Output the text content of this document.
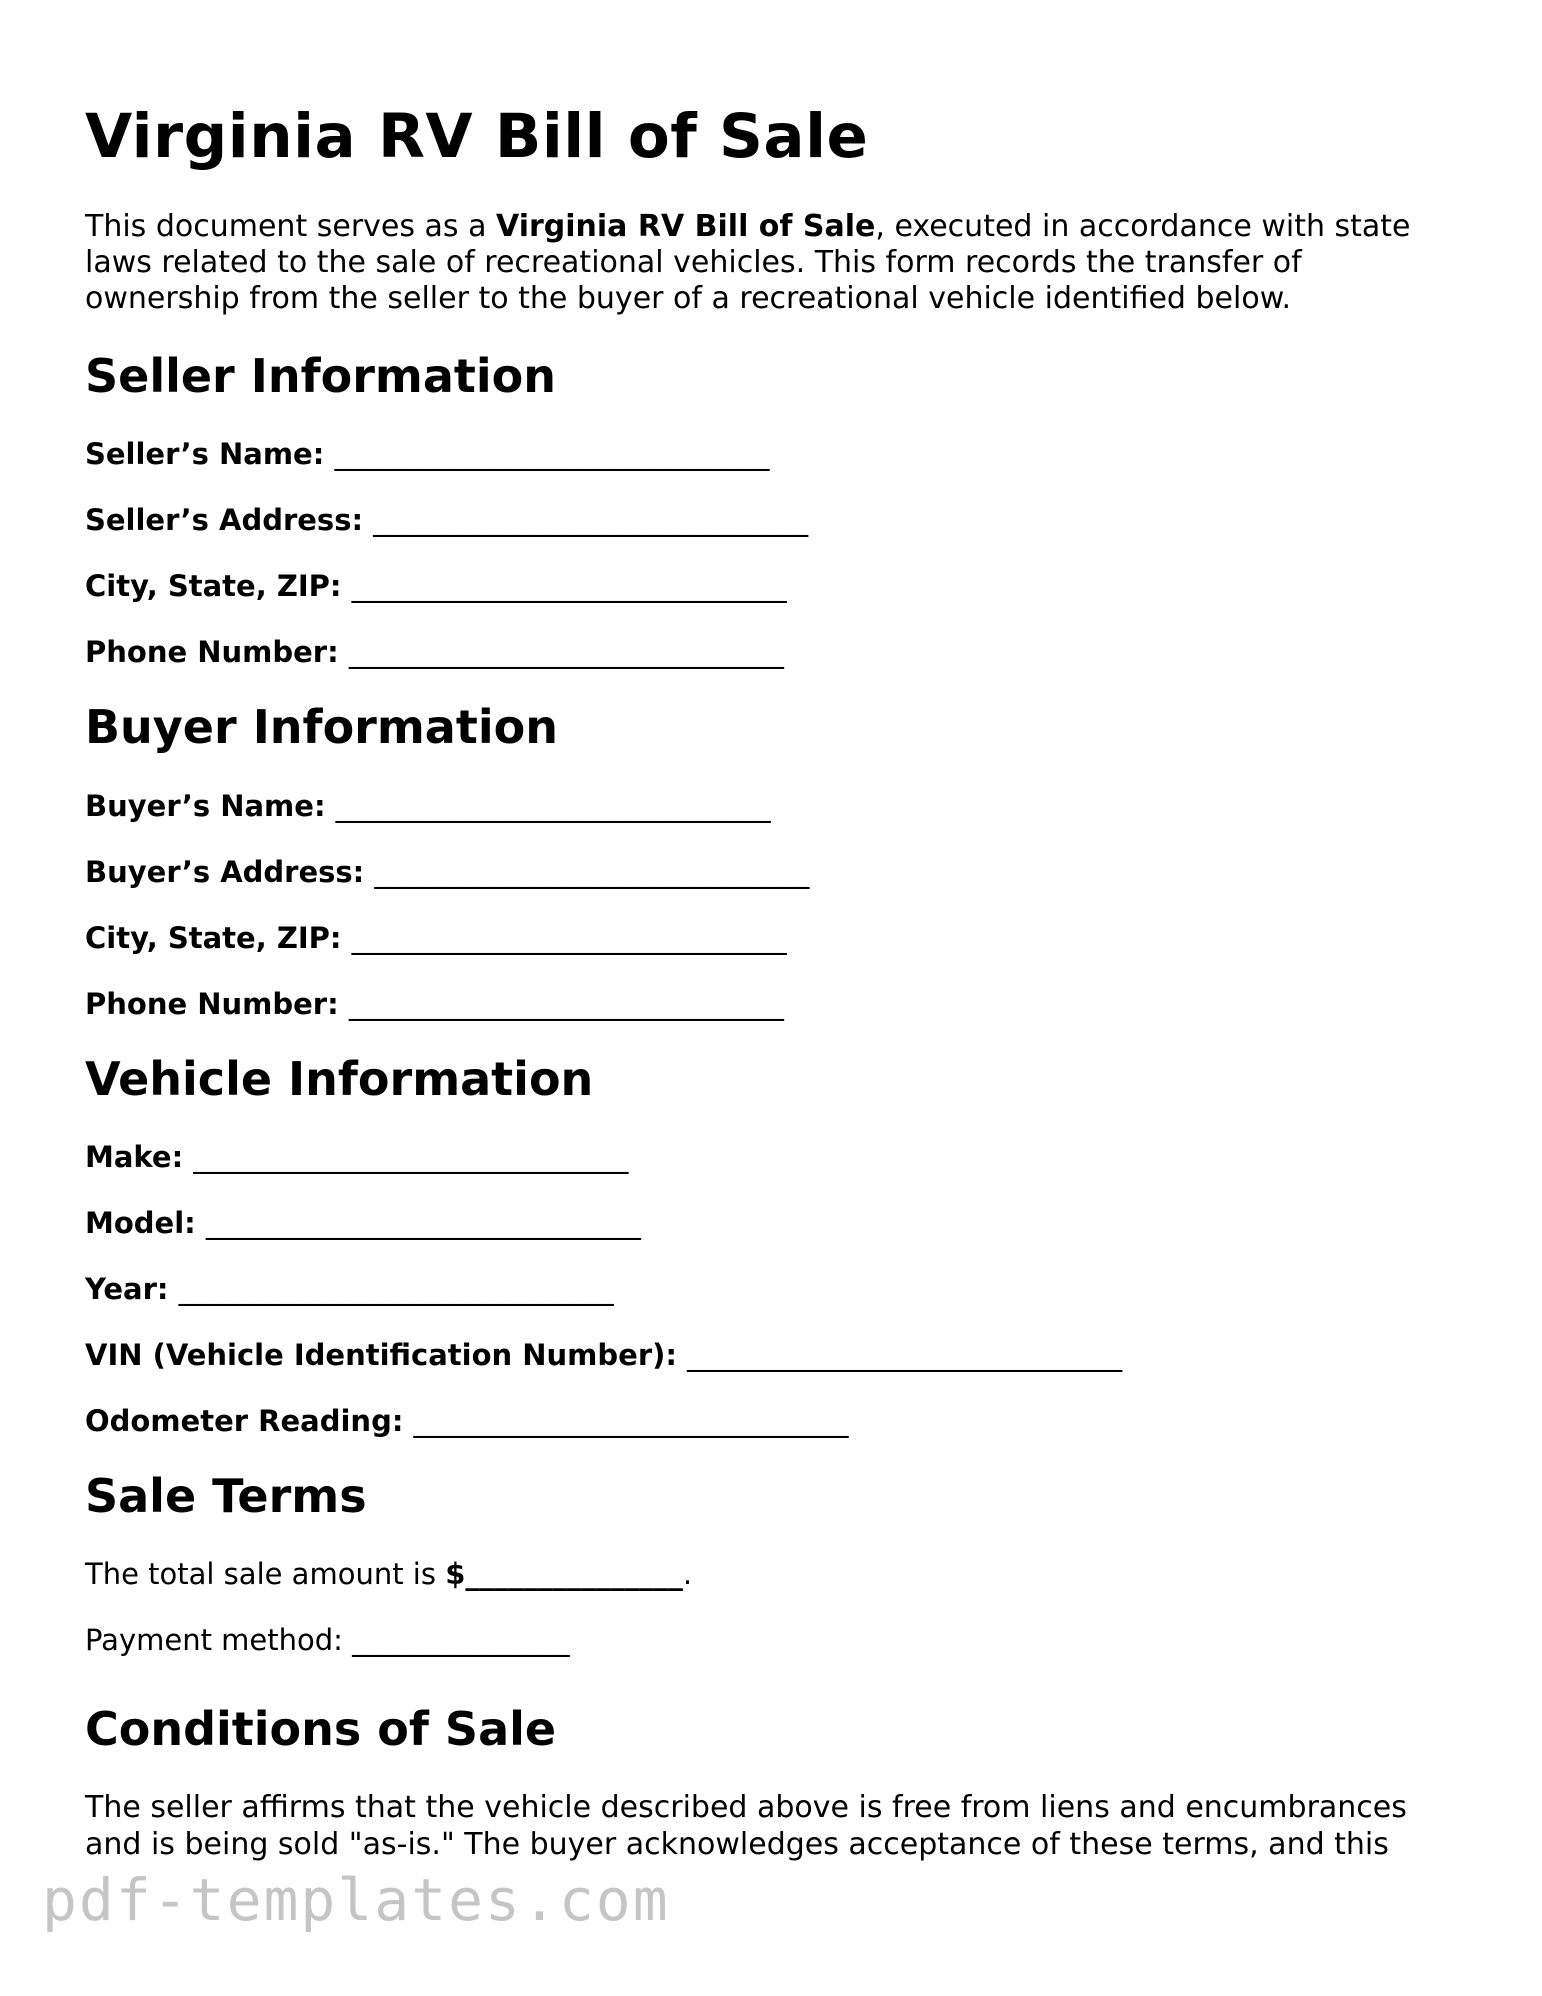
Virginia RV Bill of Sale

This document serves as a Virginia RV Bill of Sale, executed in accordance with state laws related to the sale of recreational vehicles. This form records the transfer of ownership from the seller to the buyer of a recreational vehicle identified below.

Seller Information
Seller’s Name: ______________________________
Seller’s Address: ______________________________
City, State, ZIP: ______________________________
Phone Number: ______________________________
Buyer Information
Buyer’s Name: ______________________________
Buyer’s Address: ______________________________
City, State, ZIP: ______________________________
Phone Number: ______________________________
Vehicle Information
Make: ______________________________
Model: ______________________________
Year: ______________________________
VIN (Vehicle Identification Number): ______________________________
Odometer Reading: ______________________________
Sale Terms
The total sale amount is $_______________.
Payment method: _______________
Conditions of Sale

The seller affirms that the vehicle described above is free from liens and encumbrances and is being sold "as-is." The buyer acknowledges acceptance of these terms, and this

pdf-templates.com
